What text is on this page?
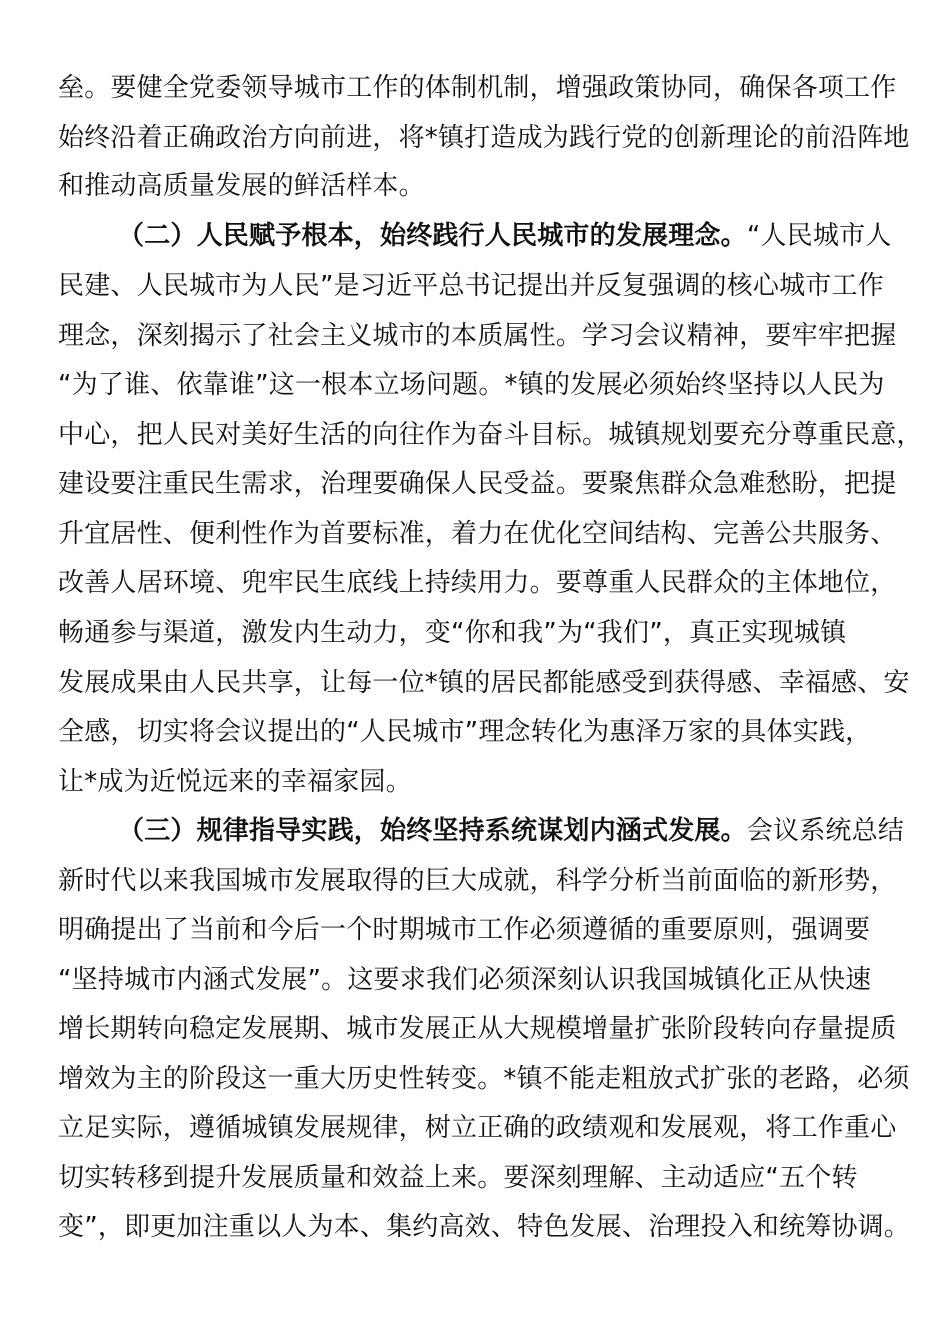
垒。要健全党委领导城市工作的体制机制，增强政策协同，确保各项工作
始终沿着正确政治方向前进，将*镇打造成为践行党的创新理论的前沿阵地
和推动高质量发展的鲜活样本。
（二）人民赋予根本，始终践行人民城市的发展理念。“人民城市人
民建、人民城市为人民”是习近平总书记提出并反复强调的核心城市工作
理念，深刻揭示了社会主义城市的本质属性。学习会议精神，要牢牢把握
“为了谁、依靠谁”这一根本立场问题。*镇的发展必须始终坚持以人民为
中心，把人民对美好生活的向往作为奋斗目标。城镇规划要充分尊重民意，
建设要注重民生需求，治理要确保人民受益。要聚焦群众急难愁盼，把提
升宜居性、便利性作为首要标准，着力在优化空间结构、完善公共服务、
改善人居环境、兜牢民生底线上持续用力。要尊重人民群众的主体地位，
畅通参与渠道，激发内生动力，变“你和我”为“我们”，真正实现城镇
发展成果由人民共享，让每一位*镇的居民都能感受到获得感、幸福感、安
全感，切实将会议提出的“人民城市”理念转化为惠泽万家的具体实践，
让*成为近悦远来的幸福家园。
（三）规律指导实践，始终坚持系统谋划内涵式发展。会议系统总结
新时代以来我国城市发展取得的巨大成就，科学分析当前面临的新形势，
明确提出了当前和今后一个时期城市工作必须遵循的重要原则，强调要
“坚持城市内涵式发展”。这要求我们必须深刻认识我国城镇化正从快速
增长期转向稳定发展期、城市发展正从大规模增量扩张阶段转向存量提质
增效为主的阶段这一重大历史性转变。*镇不能走粗放式扩张的老路，必须
立足实际，遵循城镇发展规律，树立正确的政绩观和发展观，将工作重心
切实转移到提升发展质量和效益上来。要深刻理解、主动适应“五个转
变”，即更加注重以人为本、集约高效、特色发展、治理投入和统筹协调。
